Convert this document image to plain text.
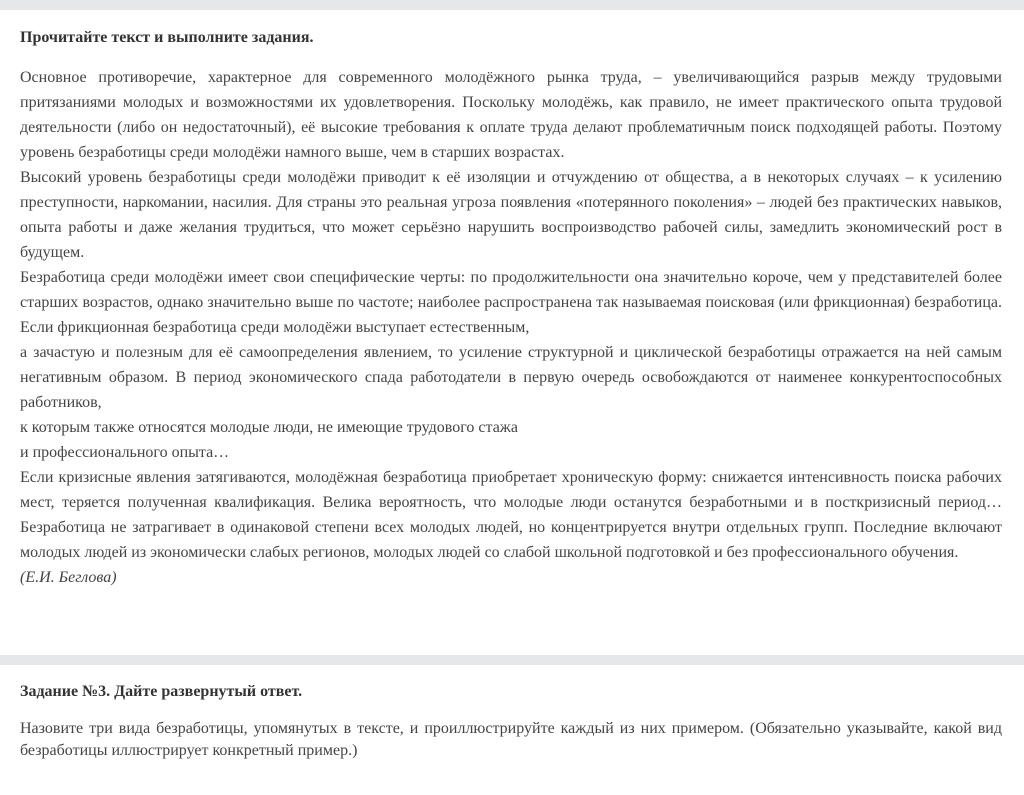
Прочитайте текст и выполните задания.

Основное противоречие, характерное для современного молодёжного рынка труда, – увеличивающийся разрыв между трудовыми притязаниями молодых и возможностями их удовлетворения. Поскольку молодёжь, как правило, не имеет практического опыта трудовой деятельности (либо он недостаточный), её высокие требования к оплате труда делают проблематичным поиск подходящей работы. Поэтому уровень безработицы среди молодёжи намного выше, чем в старших возрастах.

Высокий уровень безработицы среди молодёжи приводит к её изоляции и отчуждению от общества, а в некоторых случаях – к усилению преступности, наркомании, насилия. Для страны это реальная угроза появления «потерянного поколения» – людей без практических навыков, опыта работы и даже желания трудиться, что может серьёзно нарушить воспроизводство рабочей силы, замедлить экономический рост в будущем.

Безработица среди молодёжи имеет свои специфические черты: по продолжительности она значительно короче, чем у представителей более старших возрастов, однако значительно выше по частоте; наиболее распространена так называемая поисковая (или фрикционная) безработица. Если фрикционная безработица среди молодёжи выступает естественным,

а зачастую и полезным для её самоопределения явлением, то усиление структурной и циклической безработицы отражается на ней самым негативным образом. В период экономического спада работодатели в первую очередь освобождаются от наименее конкурентоспособных работников,

к которым также относятся молодые люди, не имеющие трудового стажа

и профессионального опыта…

Если кризисные явления затягиваются, молодёжная безработица приобретает хроническую форму: снижается интенсивность поиска рабочих мест, теряется полученная квалификация. Велика вероятность, что молодые люди останутся безработными и в посткризисный период… Безработица не затрагивает в одинаковой степени всех молодых людей, но концентрируется внутри отдельных групп. Последние включают молодых людей из экономически слабых регионов, молодых людей со слабой школьной подготовкой и без профессионального обучения.

(Е.И. Беглова)

Задание №3. Дайте развернутый ответ.

Назовите три вида безработицы, упомянутых в тексте, и проиллюстрируйте каждый из них примером. (Обязательно указывайте, какой вид безработицы иллюстрирует конкретный пример.)
